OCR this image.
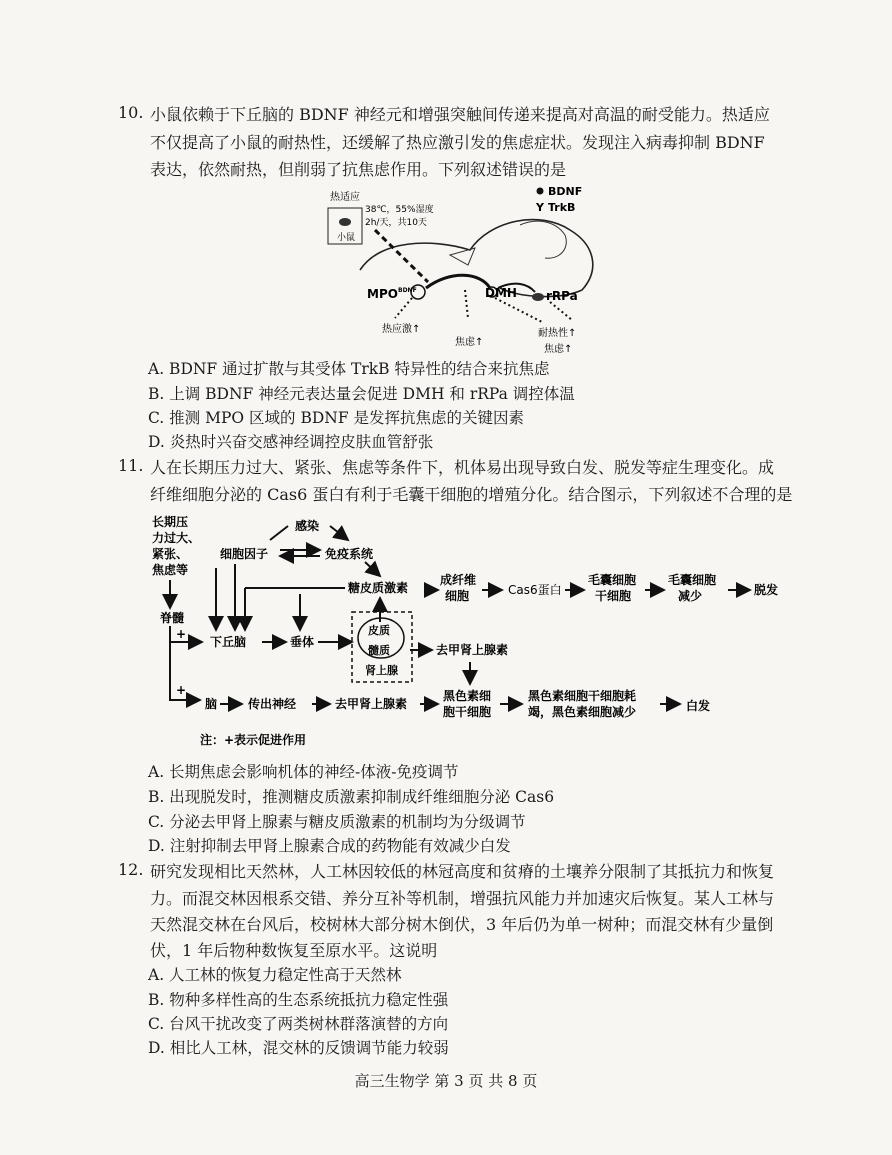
10. 小鼠依赖于下丘脑的 BDNF 神经元和增强突触间传递来提高对高温的耐受能力。热适应
不仅提高了小鼠的耐热性，还缓解了热应激引发的焦虑症状。发现注入病毒抑制 BDNF
表达，依然耐热，但削弱了抗焦虑作用。下列叙述错误的是
热适应
小鼠
38℃，55%湿度
2h/天，共10天
BDNF
Y TrkB
MPO BDNF	DMH rRPa
热应激↑
焦虑↑
耐热性↑
焦虑↑
A. BDNF 通过扩散与其受体 TrkB 特异性的结合来抗焦虑
B. 上调 BDNF 神经元表达量会促进 DMH 和 rRPa 调控体温
C. 推测 MPO 区域的 BDNF 是发挥抗焦虑的关键因素
D. 炎热时兴奋交感神经调控皮肤血管舒张
11. 人在长期压力过大、紧张、焦虑等条件下，机体易出现导致白发、脱发等症生理变化。成
纤维细胞分泌的 Cas6 蛋白有利于毛囊干细胞的增殖分化。结合图示，下列叙述不合理的是
长期压
力过大、
紧张、
焦虑等
感染
细胞因子	免疫系统
糖皮质激素
成纤维
细胞	Cas6蛋白
毛囊细胞
干细胞
毛囊细胞
减少	脱发
脊髓
+
下丘脑	垂体
皮质
髓质
肾上腺
去甲肾上腺素
+
脑	传出神经	去甲肾上腺素
黑色素细
胞干细胞
黑色素细胞干细胞耗
竭，黑色素细胞减少	白发
注：+表示促进作用
A. 长期焦虑会影响机体的神经-体液-免疫调节
B. 出现脱发时，推测糖皮质激素抑制成纤维细胞分泌 Cas6
C. 分泌去甲肾上腺素与糖皮质激素的机制均为分级调节
D. 注射抑制去甲肾上腺素合成的药物能有效减少白发
12. 研究发现相比天然林，人工林因较低的林冠高度和贫瘠的土壤养分限制了其抵抗力和恢复
力。而混交林因根系交错、养分互补等机制，增强抗风能力并加速灾后恢复。某人工林与
天然混交林在台风后，校树林大部分树木倒伏，3 年后仍为单一树种；而混交林有少量倒
伏，1 年后物种数恢复至原水平。这说明
A. 人工林的恢复力稳定性高于天然林
B. 物种多样性高的生态系统抵抗力稳定性强
C. 台风干扰改变了两类树林群落演替的方向
D. 相比人工林，混交林的反馈调节能力较弱
高三生物学 第 3 页 共 8 页
